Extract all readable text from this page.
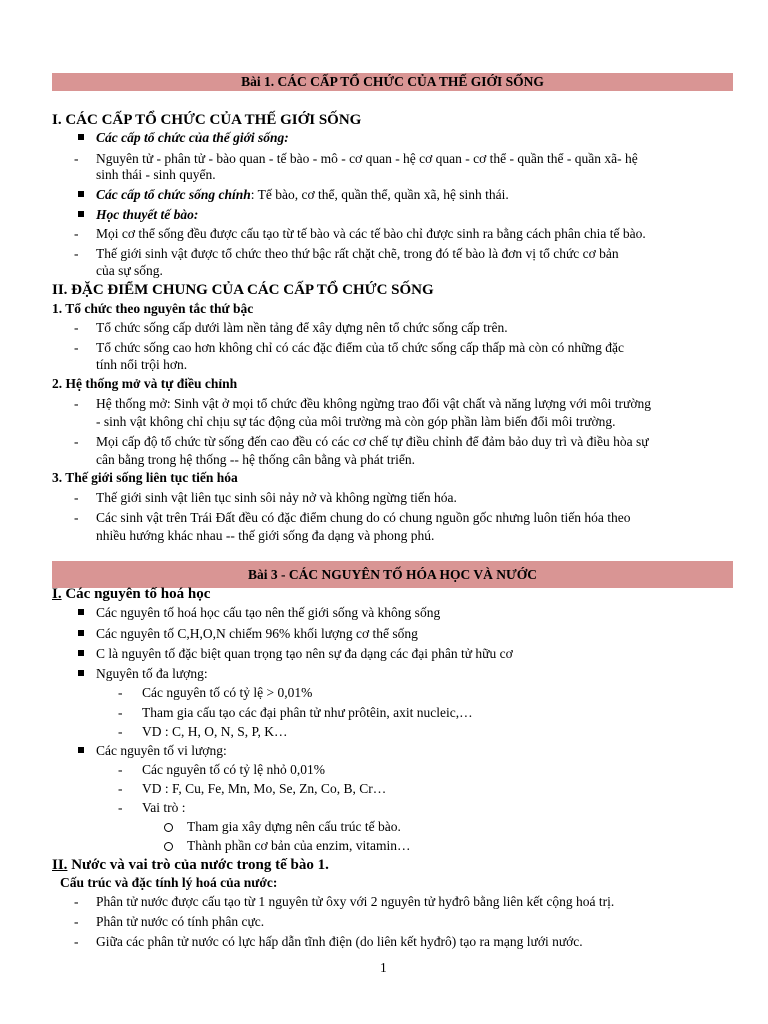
Bài 1. CÁC CẤP TỔ CHỨC CỦA THẾ GIỚI SỐNG
I. CÁC CẤP TỔ CHỨC CỦA THẾ GIỚI SỐNG
Các cấp tổ chức của thế giới sống:
- Nguyên tử - phân tử - bào quan - tế bào - mô - cơ quan - hệ cơ quan - cơ thể - quần thể - quần xã- hệ
sinh thái - sinh quyển.
Các cấp tổ chức sống chính: Tế bào, cơ thể, quần thể, quần xã, hệ sinh thái.
Học thuyết tế bào:
- Mọi cơ thể sống đều được cấu tạo từ tế bào và các tế bào chỉ được sinh ra bằng cách phân chia tế bào.
- Thế giới sinh vật được tổ chức theo thứ bậc rất chặt chẽ, trong đó tế bào là đơn vị tổ chức cơ bản
của sự sống.
II. ĐẶC ĐIỂM CHUNG CỦA CÁC CẤP TỔ CHỨC SỐNG
1. Tổ chức theo nguyên tắc thứ bậc
- Tổ chức sống cấp dưới làm nền tảng để xây dựng nên tổ chức sống cấp trên.
- Tổ chức sống cao hơn không chỉ có các đặc điểm của tổ chức sống cấp thấp mà còn có những đặc
tính nổi trội hơn.
2. Hệ thống mở và tự điều chỉnh
- Hệ thống mở: Sinh vật ở mọi tổ chức đều không ngừng trao đổi vật chất và năng lượng với môi trường
- sinh vật không chỉ chịu sự tác động của môi trường mà còn góp phần làm biến đổi môi trường.
- Mọi cấp độ tổ chức từ sống đến cao đều có các cơ chế tự điều chỉnh để đảm bảo duy trì và điều hòa sự
cân bằng trong hệ thống -- hệ thống cân bằng và phát triển.
3. Thế giới sống liên tục tiến hóa
- Thế giới sinh vật liên tục sinh sôi nảy nở và không ngừng tiến hóa.
- Các sinh vật trên Trái Đất đều có đặc điểm chung do có chung nguồn gốc nhưng luôn tiến hóa theo
nhiều hướng khác nhau -- thế giới sống đa dạng và phong phú.
Bài 3 - CÁC NGUYÊN TỐ HÓA HỌC VÀ NƯỚC
I. Các nguyên tố hoá học
Các nguyên tố hoá học cấu tạo nên thế giới sống và không sống
Các nguyên tố C,H,O,N chiếm 96% khối lượng cơ thể sống
C là nguyên tố đặc biệt quan trọng tạo nên sự đa dạng các đại phân tử hữu cơ
Nguyên tố đa lượng:
- Các nguyên tố có tỷ lệ > 0,01%
- Tham gia cấu tạo các đại phân tử như prôtêin, axit nucleic,…
- VD : C, H, O, N, S, P, K…
Các nguyên tố vi lượng:
- Các nguyên tố có tỷ lệ nhỏ 0,01%
- VD : F, Cu, Fe, Mn, Mo, Se, Zn, Co, B, Cr…
- Vai trò :
Tham gia xây dựng nên cấu trúc tế bào.
Thành phần cơ bản của enzim, vitamin…
II. Nước và vai trò của nước trong tế bào 1.
Cấu trúc và đặc tính lý hoá của nước:
- Phân tử nước được cấu tạo từ 1 nguyên tử ôxy với 2 nguyên tử hyđrô bằng liên kết cộng hoá trị.
- Phân tử nước có tính phân cực.
- Giữa các phân tử nước có lực hấp dẫn tĩnh điện (do liên kết hyđrô) tạo ra mạng lưới nước.
1
